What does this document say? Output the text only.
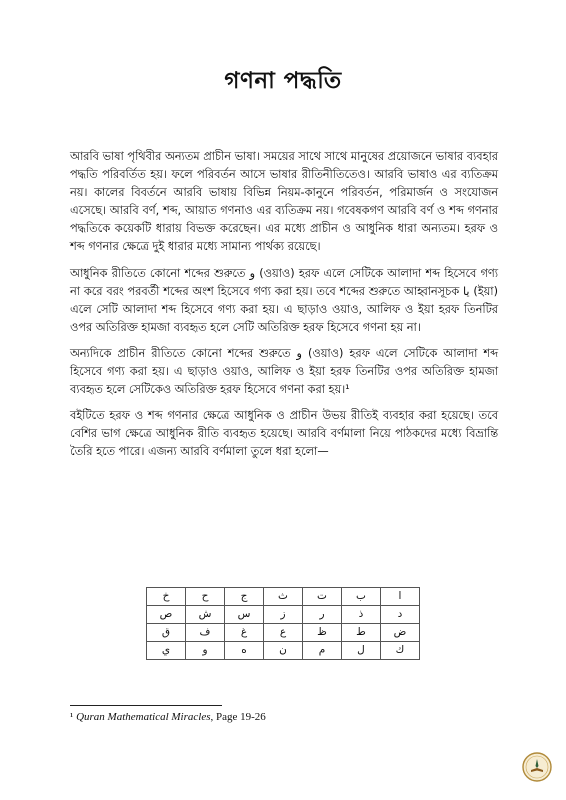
গণনা পদ্ধতি

আরবি ভাষা পৃথিবীর অন্যতম প্রাচীন ভাষা। সময়ের সাথে সাথে মানুষের প্রয়োজনে ভাষার ব্যবহার পদ্ধতি পরিবর্তিত হয়। ফলে পরিবর্তন আসে ভাষার রীতিনীতিতেও। আরবি ভাষাও এর ব্যতিক্রম নয়। কালের বিবর্তনে আরবি ভাষায় বিভিন্ন নিয়ম-কানুনে পরিবর্তন, পরিমার্জন ও সংযোজন এসেছে। আরবি বর্ণ, শব্দ, আয়াত গণনাও এর ব্যতিক্রম নয়। গবেষকগণ আরবি বর্ণ ও শব্দ গণনার পদ্ধতিকে কয়েকটি ধারায় বিভক্ত করেছেন। এর মধ্যে প্রাচীন ও আধুনিক ধারা অন্যতম। হরফ ও শব্দ গণনার ক্ষেত্রে দুই ধারার মধ্যে সামান্য পার্থক্য রয়েছে।

আধুনিক রীতিতে কোনো শব্দের শুরুতে و (ওয়াও) হরফ এলে সেটিকে আলাদা শব্দ হিসেবে গণ্য না করে বরং পরবর্তী শব্দের অংশ হিসেবে গণ্য করা হয়। তবে শব্দের শুরুতে আহ্বানসূচক يا (ইয়া) এলে সেটি আলাদা শব্দ হিসেবে গণ্য করা হয়। এ ছাড়াও ওয়াও, আলিফ ও ইয়া হরফ তিনটির ওপর অতিরিক্ত হামজা ব্যবহৃত হলে সেটি অতিরিক্ত হরফ হিসেবে গণনা হয় না।

অন্যদিকে প্রাচীন রীতিতে কোনো শব্দের শুরুতে و (ওয়াও) হরফ এলে সেটিকে আলাদা শব্দ হিসেবে গণ্য করা হয়। এ ছাড়াও ওয়াও, আলিফ ও ইয়া হরফ তিনটির ওপর অতিরিক্ত হামজা ব্যবহৃত হলে সেটিকেও অতিরিক্ত হরফ হিসেবে গণনা করা হয়।¹

বইটিতে হরফ ও শব্দ গণনার ক্ষেত্রে আধুনিক ও প্রাচীন উভয় রীতিই ব্যবহার করা হয়েছে। তবে বেশির ভাগ ক্ষেত্রে আধুনিক রীতি ব্যবহৃত হয়েছে। আরবি বর্ণমালা নিয়ে পাঠকদের মধ্যে বিভ্রান্তি তৈরি হতে পারে। এজন্য আরবি বর্ণমালা তুলে ধরা হলো—

خ	ح	ج	ث	ت	ب	ا
ص	ش	س	ز	ر	ذ	د
ق	ف	غ	ع	ظ	ط	ض
ي	و	ه	ن	م	ل	ك
¹ Quran Mathematical Miracles, Page 19-26
